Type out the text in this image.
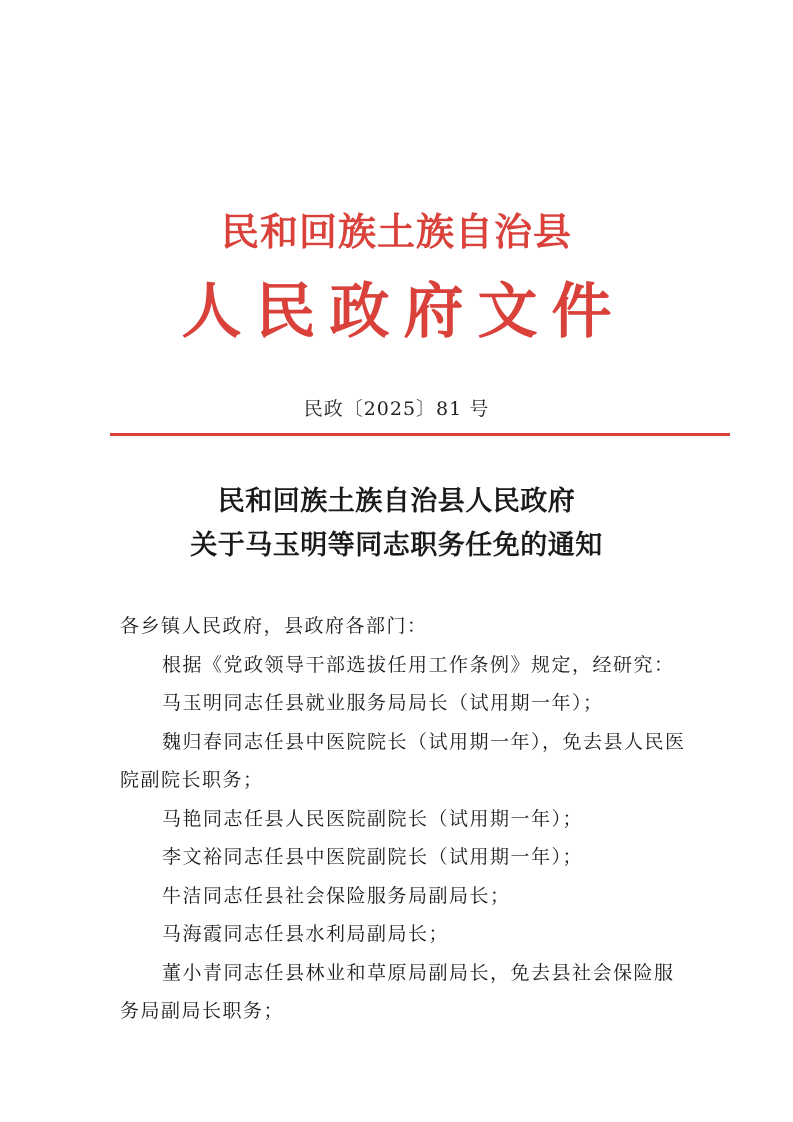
民和回族土族自治县
人民政府文件
民政〔2025〕81 号
民和回族土族自治县人民政府
关于马玉明等同志职务任免的通知

各乡镇人民政府，县政府各部门：

根据《党政领导干部选拔任用工作条例》规定，经研究：

马玉明同志任县就业服务局局长（试用期一年）；

魏归春同志任县中医院院长（试用期一年），免去县人民医院副院长职务；

马艳同志任县人民医院副院长（试用期一年）；

李文裕同志任县中医院副院长（试用期一年）；

牛洁同志任县社会保险服务局副局长；

马海霞同志任县水利局副局长；

董小青同志任县林业和草原局副局长，免去县社会保险服务局副局长职务；
